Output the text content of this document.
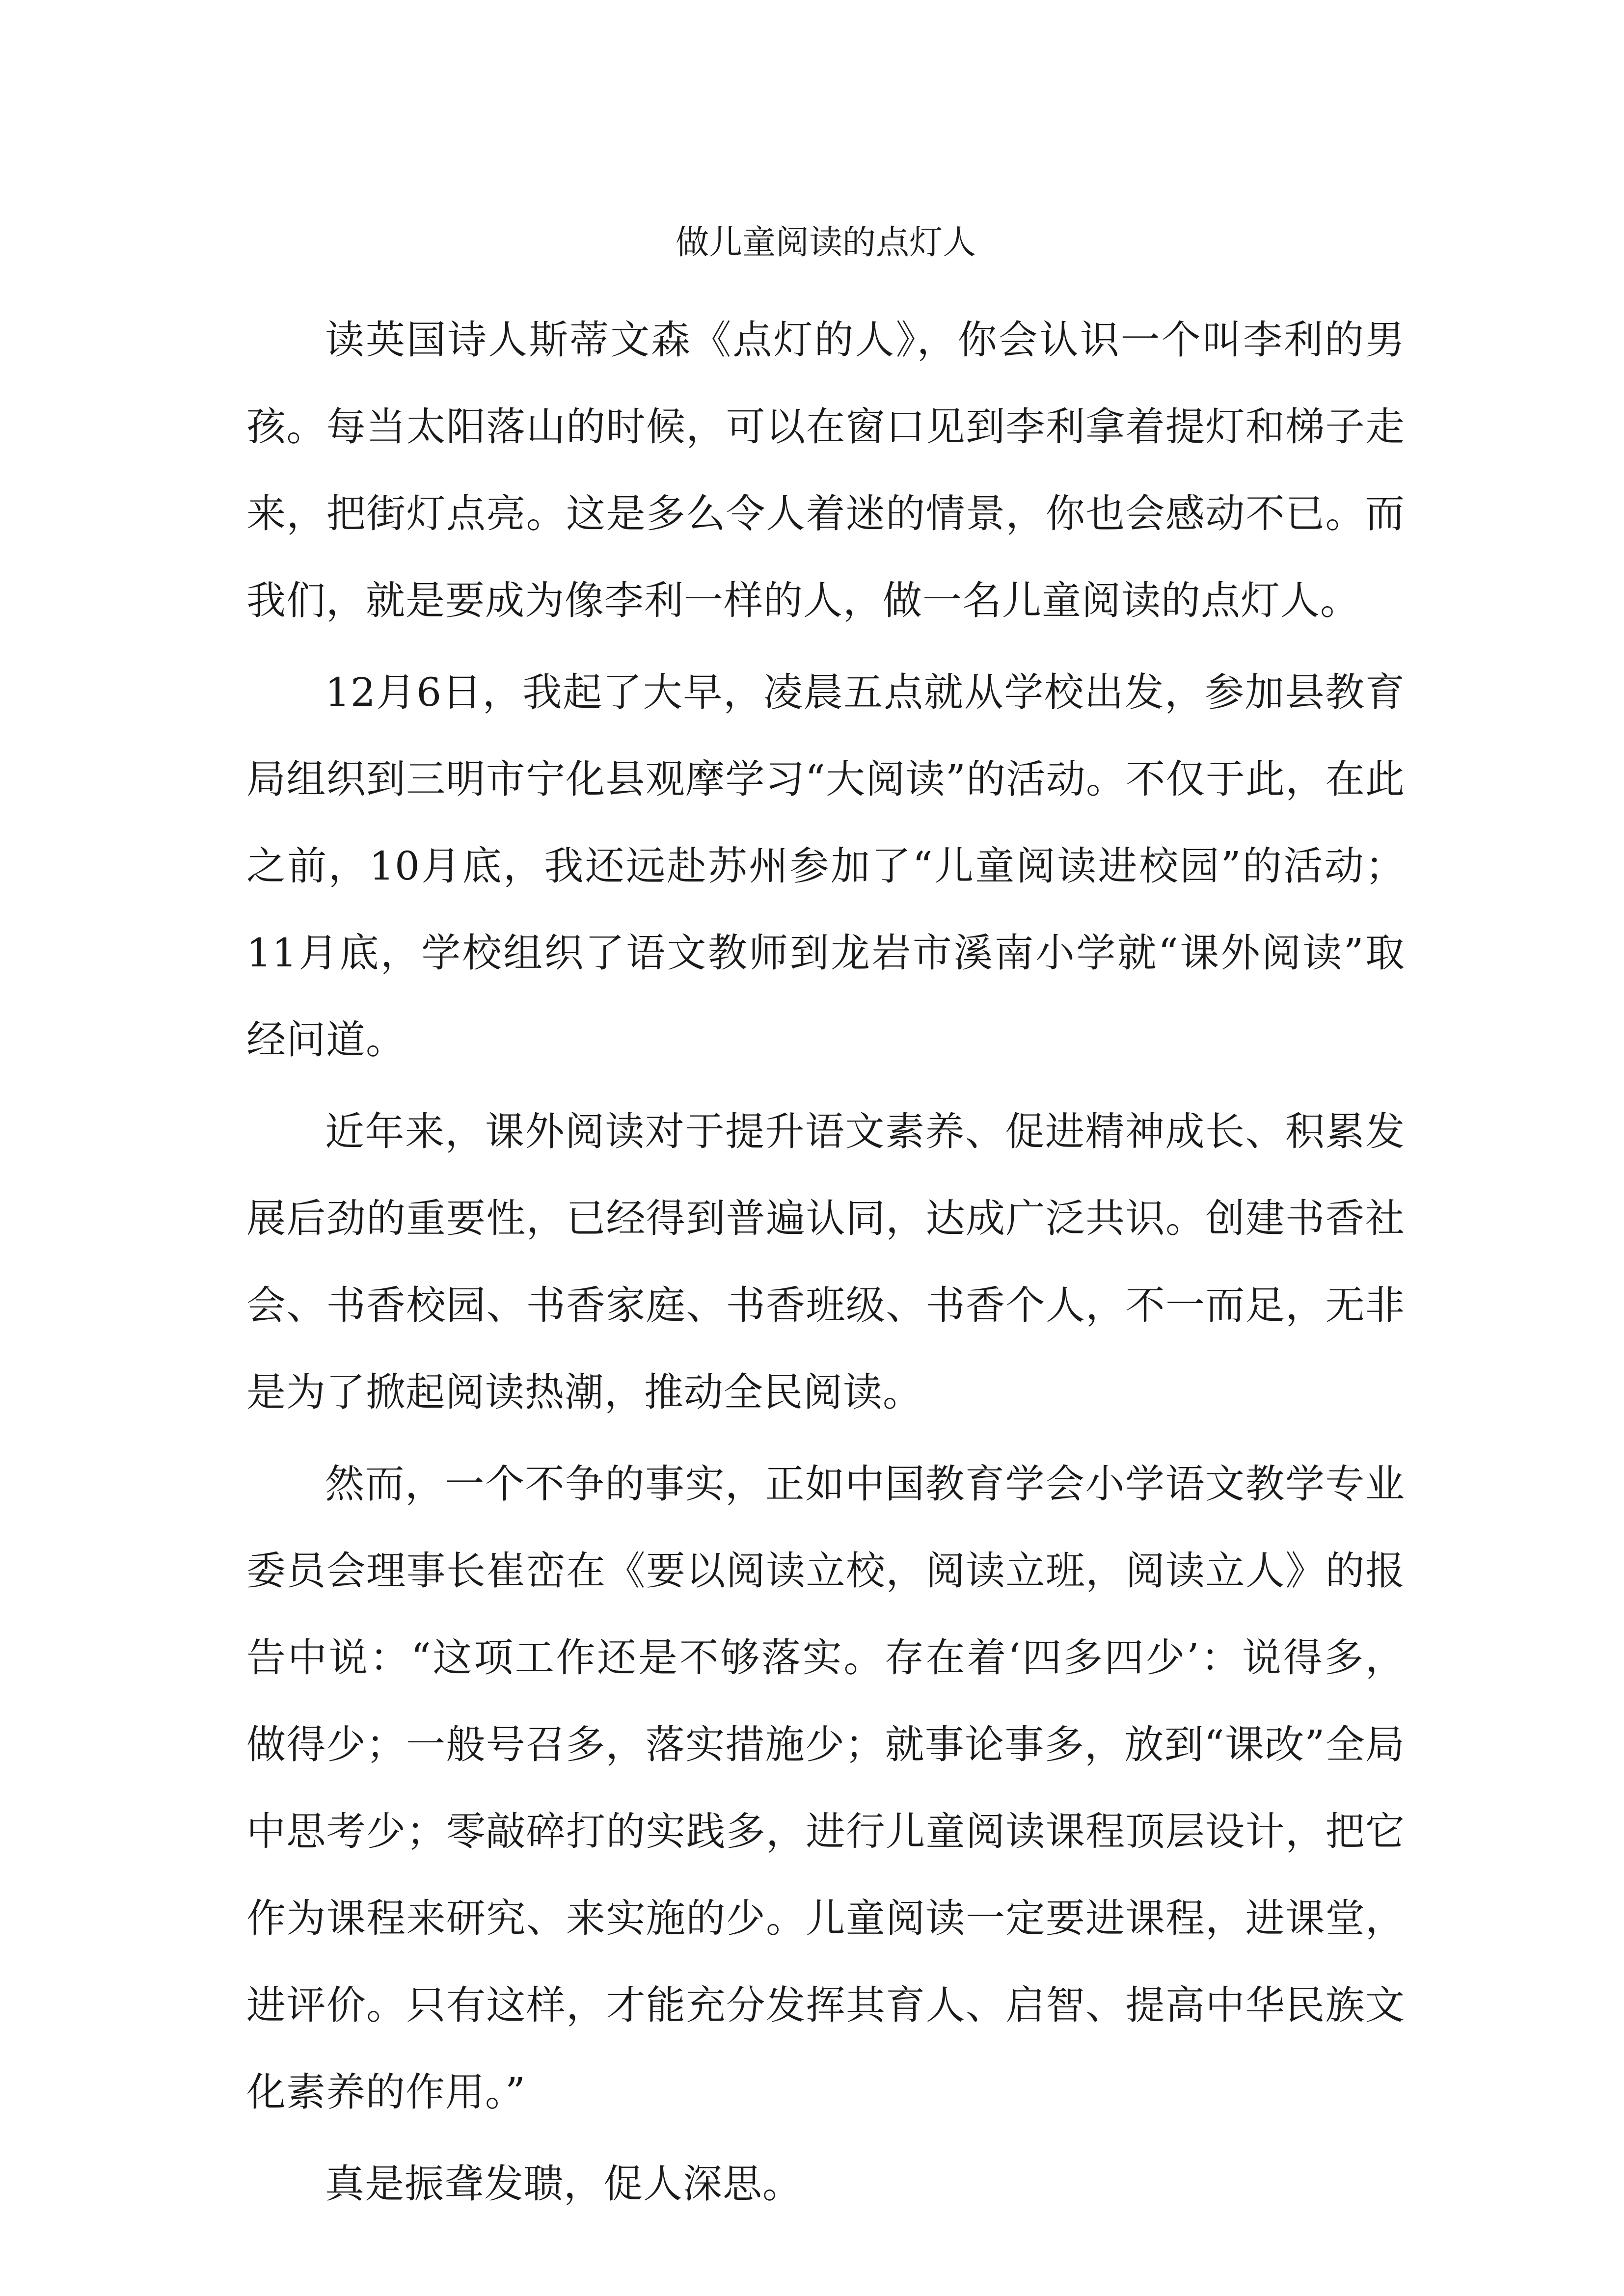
做儿童阅读的点灯人

读英国诗人斯蒂文森《点灯的人》，你会认识一个叫李利的男孩。每当太阳落山的时候，可以在窗口见到李利拿着提灯和梯子走来，把街灯点亮。这是多么令人着迷的情景，你也会感动不已。而我们，就是要成为像李利一样的人，做一名儿童阅读的点灯人。

12月6日，我起了大早，凌晨五点就从学校出发，参加县教育局组织到三明市宁化县观摩学习“大阅读”的活动。不仅于此，在此之前，10月底，我还远赴苏州参加了“儿童阅读进校园”的活动；11月底，学校组织了语文教师到龙岩市溪南小学就“课外阅读”取经问道。

近年来，课外阅读对于提升语文素养、促进精神成长、积累发展后劲的重要性，已经得到普遍认同，达成广泛共识。创建书香社会、书香校园、书香家庭、书香班级、书香个人，不一而足，无非是为了掀起阅读热潮，推动全民阅读。

然而，一个不争的事实，正如中国教育学会小学语文教学专业委员会理事长崔峦在《要以阅读立校，阅读立班，阅读立人》的报告中说：“这项工作还是不够落实。存在着‘四多四少’：说得多，做得少；一般号召多，落实措施少；就事论事多，放到“课改”全局中思考少；零敲碎打的实践多，进行儿童阅读课程顶层设计，把它作为课程来研究、来实施的少。儿童阅读一定要进课程，进课堂，进评价。只有这样，才能充分发挥其育人、启智、提高中华民族文化素养的作用。”

真是振聋发聩，促人深思。
